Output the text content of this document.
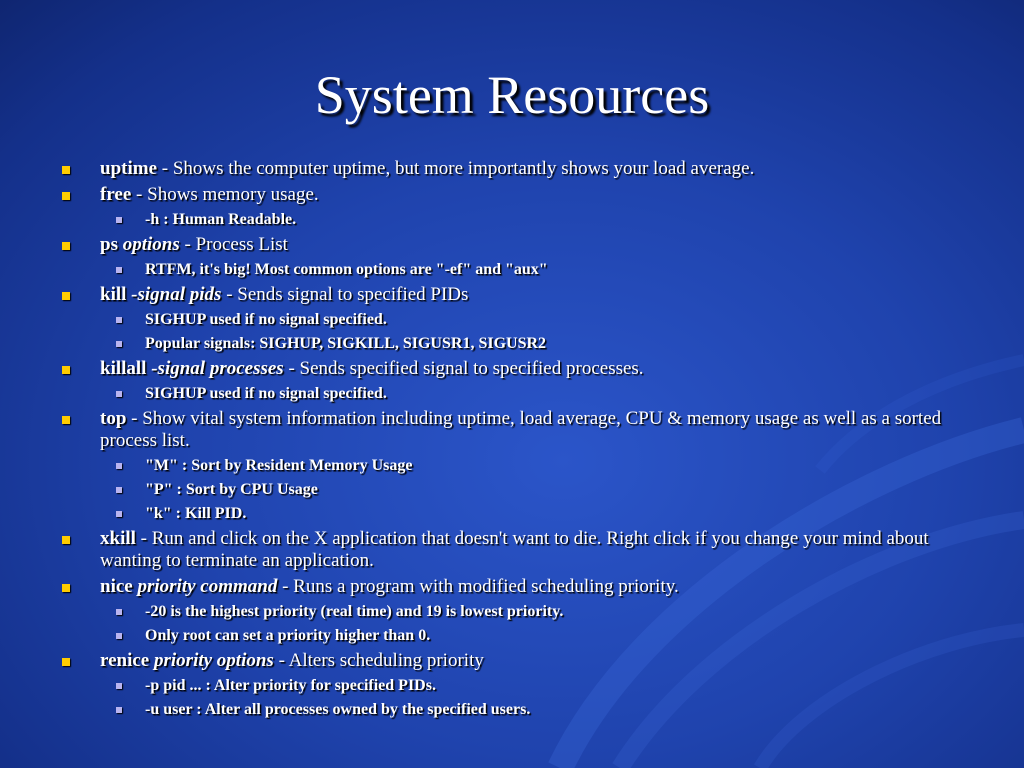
System Resources
uptime - Shows the computer uptime, but more importantly shows your load average.
free - Shows memory usage.
-h : Human Readable.
ps options - Process List
RTFM, it's big! Most common options are "-ef" and "aux"
kill -signal pids - Sends signal to specified PIDs
SIGHUP used if no signal specified.
Popular signals: SIGHUP, SIGKILL, SIGUSR1, SIGUSR2
killall -signal processes - Sends specified signal to specified processes.
SIGHUP used if no signal specified.
top - Show vital system information including uptime, load average, CPU & memory usage as well as a sorted process list.
"M" : Sort by Resident Memory Usage
"P" : Sort by CPU Usage
"k" : Kill PID.
xkill - Run and click on the X application that doesn't want to die. Right click if you change your mind about wanting to terminate an application.
nice priority command - Runs a program with modified scheduling priority.
-20 is the highest priority (real time) and 19 is lowest priority.
Only root can set a priority higher than 0.
renice priority options - Alters scheduling priority
-p pid ... : Alter priority for specified PIDs.
-u user : Alter all processes owned by the specified users.
